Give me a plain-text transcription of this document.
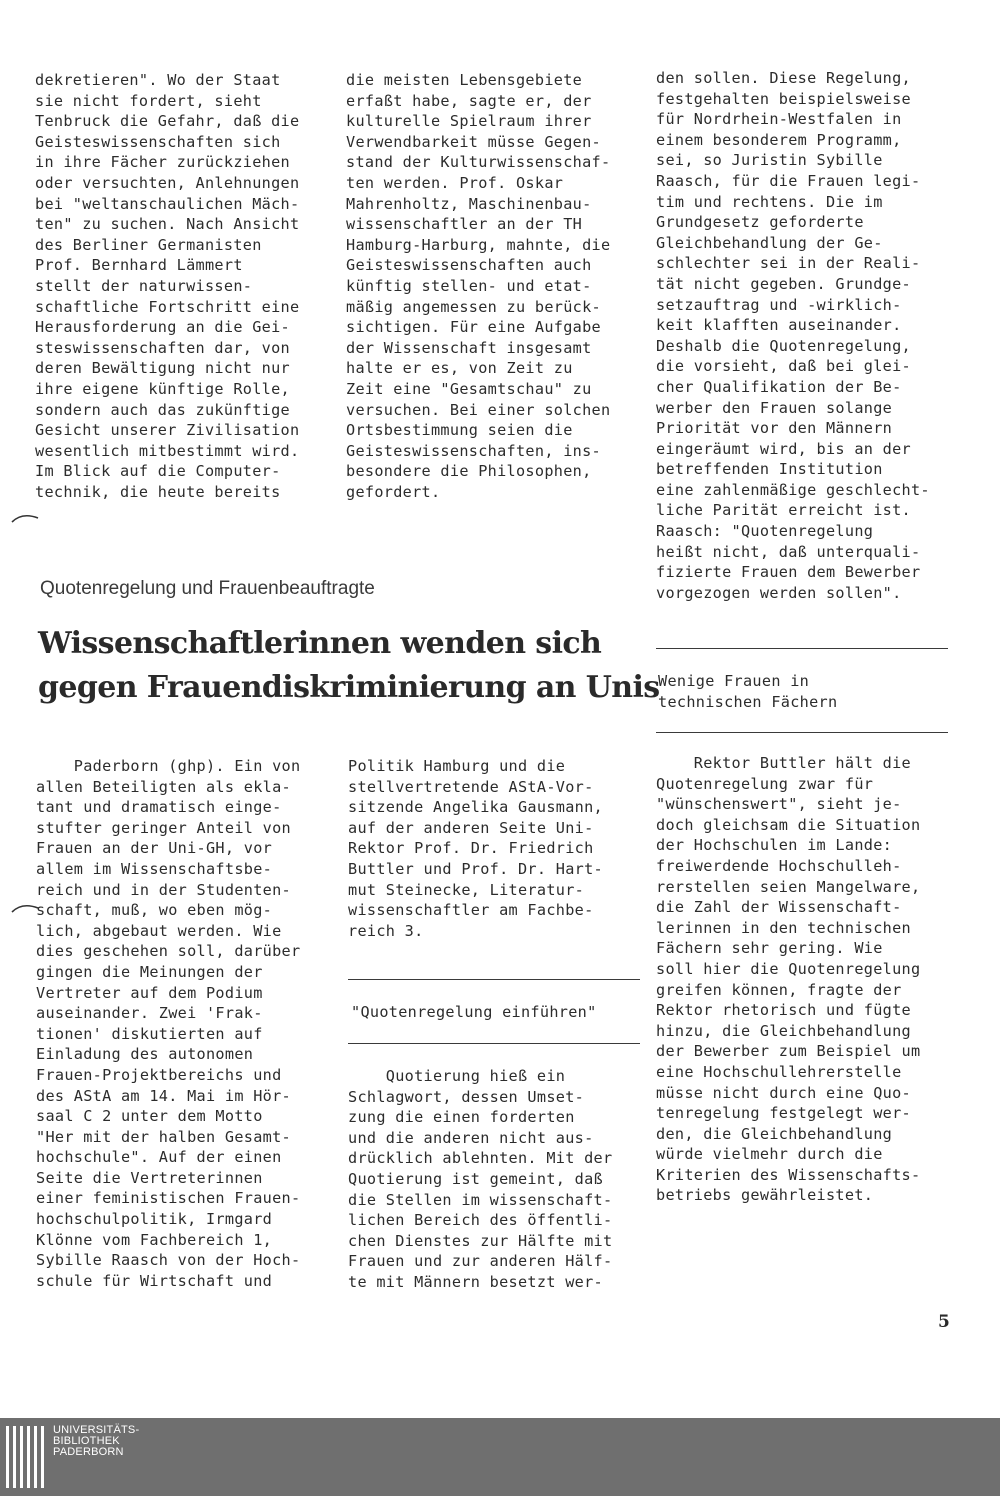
dekretieren". Wo der Staat
sie nicht fordert, sieht
Tenbruck die Gefahr, daß die
Geisteswissenschaften sich
in ihre Fächer zurückziehen
oder versuchten, Anlehnungen
bei "weltanschaulichen Mäch-
ten" zu suchen. Nach Ansicht
des Berliner Germanisten
Prof. Bernhard Lämmert
stellt der naturwissen-
schaftliche Fortschritt eine
Herausforderung an die Gei-
steswissenschaften dar, von
deren Bewältigung nicht nur
ihre eigene künftige Rolle,
sondern auch das zukünftige
Gesicht unserer Zivilisation
wesentlich mitbestimmt wird.
Im Blick auf die Computer-
technik, die heute bereits
die meisten Lebensgebiete
erfaßt habe, sagte er, der
kulturelle Spielraum ihrer
Verwendbarkeit müsse Gegen-
stand der Kulturwissenschaf-
ten werden. Prof. Oskar
Mahrenholtz, Maschinenbau-
wissenschaftler an der TH
Hamburg-Harburg, mahnte, die
Geisteswissenschaften auch
künftig stellen- und etat-
mäßig angemessen zu berück-
sichtigen. Für eine Aufgabe
der Wissenschaft insgesamt
halte er es, von Zeit zu
Zeit eine "Gesamtschau" zu
versuchen. Bei einer solchen
Ortsbestimmung seien die
Geisteswissenschaften, ins-
besondere die Philosophen,
gefordert.
Quotenregelung und Frauenbeauftragte
Wissenschaftlerinnen wenden sich
gegen Frauendiskriminierung an Unis
Paderborn (ghp). Ein von
allen Beteiligten als ekla-
tant und dramatisch einge-
stufter geringer Anteil von
Frauen an der Uni-GH, vor
allem im Wissenschaftsbe-
reich und in der Studenten-
schaft, muß, wo eben mög-
lich, abgebaut werden. Wie
dies geschehen soll, darüber
gingen die Meinungen der
Vertreter auf dem Podium
auseinander. Zwei 'Frak-
tionen' diskutierten auf
Einladung des autonomen
Frauen-Projektbereichs und
des AStA am 14. Mai im Hör-
saal C 2 unter dem Motto
"Her mit der halben Gesamt-
hochschule". Auf der einen
Seite die Vertreterinnen
einer feministischen Frauen-
hochschulpolitik, Irmgard
Klönne vom Fachbereich 1,
Sybille Raasch von der Hoch-
schule für Wirtschaft und
Politik Hamburg und die
stellvertretende AStA-Vor-
sitzende Angelika Gausmann,
auf der anderen Seite Uni-
Rektor Prof. Dr. Friedrich
Buttler und Prof. Dr. Hart-
mut Steinecke, Literatur-
wissenschaftler am Fachbe-
reich 3.
"Quotenregelung einführen"
Quotierung hieß ein
Schlagwort, dessen Umset-
zung die einen forderten
und die anderen nicht aus-
drücklich ablehnten. Mit der
Quotierung ist gemeint, daß
die Stellen im wissenschaft-
lichen Bereich des öffentli-
chen Dienstes zur Hälfte mit
Frauen und zur anderen Hälf-
te mit Männern besetzt wer-
den sollen. Diese Regelung,
festgehalten beispielsweise
für Nordrhein-Westfalen in
einem besonderem Programm,
sei, so Juristin Sybille
Raasch, für die Frauen legi-
tim und rechtens. Die im
Grundgesetz geforderte
Gleichbehandlung der Ge-
schlechter sei in der Reali-
tät nicht gegeben. Grundge-
setzauftrag und -wirklich-
keit klafften auseinander.
Deshalb die Quotenregelung,
die vorsieht, daß bei glei-
cher Qualifikation der Be-
werber den Frauen solange
Priorität vor den Männern
eingeräumt wird, bis an der
betreffenden Institution
eine zahlenmäßige geschlecht-
liche Parität erreicht ist.
Raasch: "Quotenregelung
heißt nicht, daß unterquali-
fizierte Frauen dem Bewerber
vorgezogen werden sollen".
Wenige Frauen in
technischen Fächern
Rektor Buttler hält die
Quotenregelung zwar für
"wünschenswert", sieht je-
doch gleichsam die Situation
der Hochschulen im Lande:
freiwerdende Hochschulleh-
rerstellen seien Mangelware,
die Zahl der Wissenschaft-
lerinnen in den technischen
Fächern sehr gering. Wie
soll hier die Quotenregelung
greifen können, fragte der
Rektor rhetorisch und fügte
hinzu, die Gleichbehandlung
der Bewerber zum Beispiel um
eine Hochschullehrerstelle
müsse nicht durch eine Quo-
tenregelung festgelegt wer-
den, die Gleichbehandlung
würde vielmehr durch die
Kriterien des Wissenschafts-
betriebs gewährleistet.
5
UNIVERSITÄTS-
BIBLIOTHEK
PADERBORN
